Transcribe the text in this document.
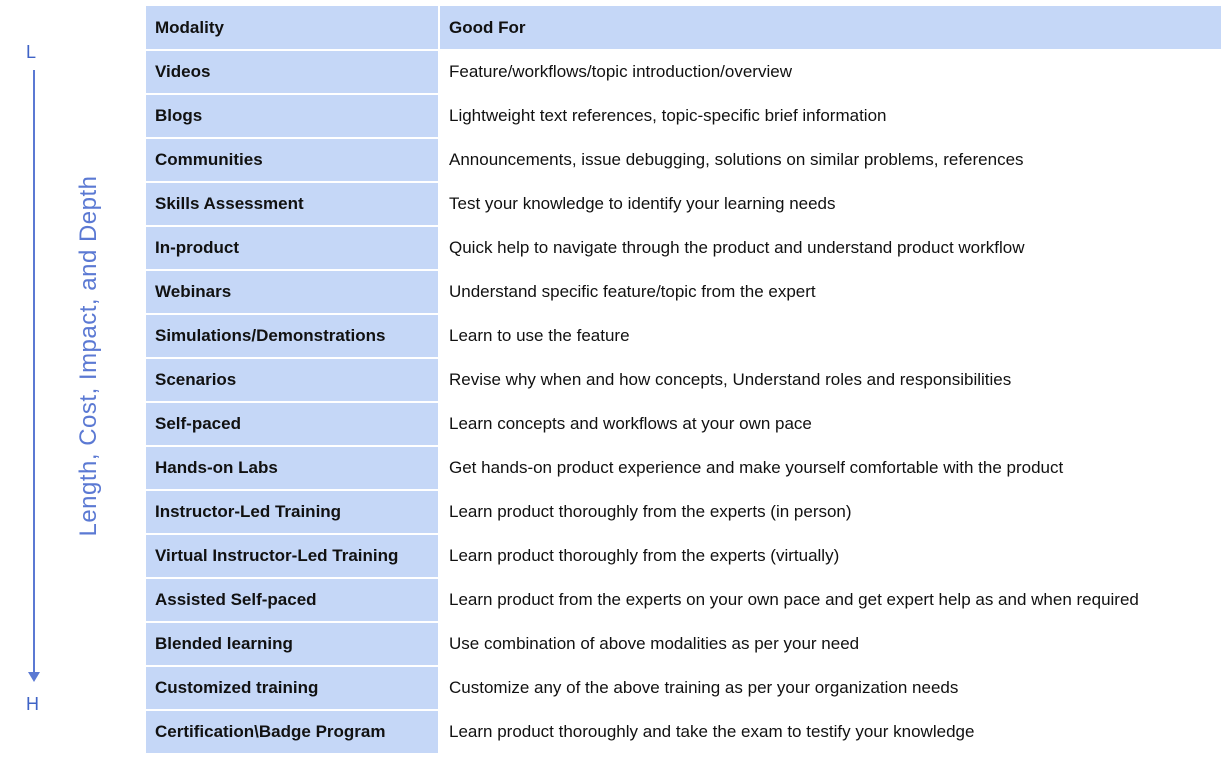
L
H
Length, Cost, Impact, and Depth
Modality	Good For
Videos	Feature/workflows/topic introduction/overview
Blogs	Lightweight text references, topic-specific brief information
Communities	Announcements, issue debugging, solutions on similar problems, references
Skills Assessment	Test your knowledge to identify your learning needs
In-product	Quick help to navigate through the product and understand product workflow
Webinars	Understand specific feature/topic from the expert
Simulations/Demonstrations	Learn to use the feature
Scenarios	Revise why when and how concepts, Understand roles and responsibilities
Self-paced	Learn concepts and workflows at your own pace
Hands-on Labs	Get hands-on product experience and make yourself comfortable with the product
Instructor-Led Training	Learn product thoroughly from the experts (in person)
Virtual Instructor-Led Training	Learn product thoroughly from the experts (virtually)
Assisted Self-paced	Learn product from the experts on your own pace and get expert help as and when required
Blended learning	Use combination of above modalities as per your need
Customized training	Customize any of the above training as per your organization needs
Certification\Badge Program	Learn product thoroughly and take the exam to testify your knowledge
